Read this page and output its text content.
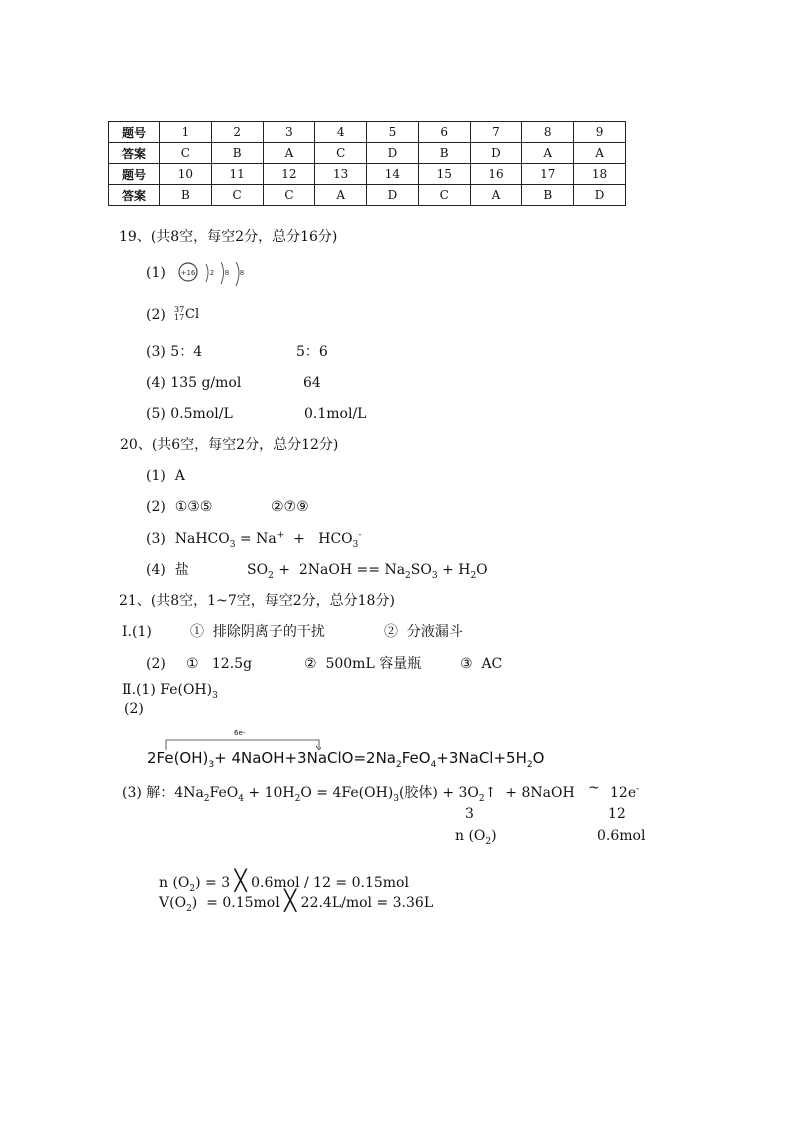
题号	1	2	3	4	5	6	7	8	9
答案	C	B	A	C	D	B	D	A	A
题号	10	11	12	13	14	15	16	17	18
答案	B	C	C	A	D	C	A	B	D
19、(共8空，每空2分，总分16分)
(1) +16 2 8 8
(2) 37
17 Cl
(3) 5：4	5：6
(4) 135 g/mol	64
(5) 0.5mol/L	0.1mol/L
20、(共6空，每空2分，总分12分)
(1)  A
(2)  ①③⑤	②⑦⑨
(3) NaHCO$_3$ = $Na^+ + HCO_3^-$
(4)  盐	$SO_2$ +  2NaOH == $Na_2SO_3 + H_2O$
21、(共8空，1~7空，每空2分，总分18分)
Ⅰ.(1)	①  排除阴离子的干扰	②  分液漏斗
(2) ①   12.5g	②  500mL 容量瓶	③  AC
Ⅱ.(1) $Fe(OH)_3$
(2)
6e-
$2Fe(OH)_3+$ $4NaOH+3NaClO=2Na_2FeO_4+3NaCl+5H_2O$
(3) 解：$4Na_2FeO_4 + 10H_2O = 4Fe(OH)_3$(胶体) + $3O_2↑$  + 8NaOH ~ 12e-
3	12
n $(O_2)$	0.6mol
n $(O_2) = 3$ ╳ 0.6mol / 12 = 0.15mol
$V(O_2) = 0.15mol$ ╳ 22.4L/mol = 3.36L
